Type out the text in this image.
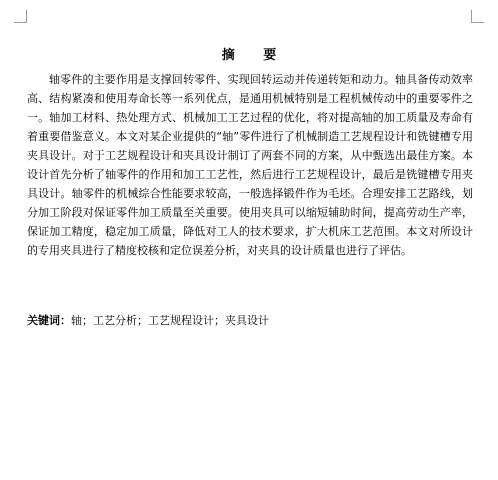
摘 要

轴零件的主要作用是支撑回转零件、实现回转运动并传递转矩和动力。轴具备传动效率高、结构紧凑和使用寿命长等一系列优点，是通用机械特别是工程机械传动中的重要零件之一。轴加工材料、热处理方式、机械加工工艺过程的优化，将对提高轴的加工质量及寿命有着重要借鉴意义。本文对某企业提供的“轴”零件进行了机械制造工艺规程设计和铣键槽专用夹具设计。对于工艺规程设计和夹具设计制订了两套不同的方案，从中甄选出最佳方案。本设计首先分析了轴零件的作用和加工工艺性，然后进行工艺规程设计，最后是铣键槽专用夹具设计。轴零件的机械综合性能要求较高，一般选择锻件作为毛坯。合理安排工艺路线，划分加工阶段对保证零件加工质量至关重要。使用夹具可以缩短辅助时间，提高劳动生产率，保证加工精度，稳定加工质量，降低对工人的技术要求，扩大机床工艺范围。本文对所设计的专用夹具进行了精度校核和定位误差分析，对夹具的设计质量也进行了评估。

关键词：轴；工艺分析；工艺规程设计；夹具设计
